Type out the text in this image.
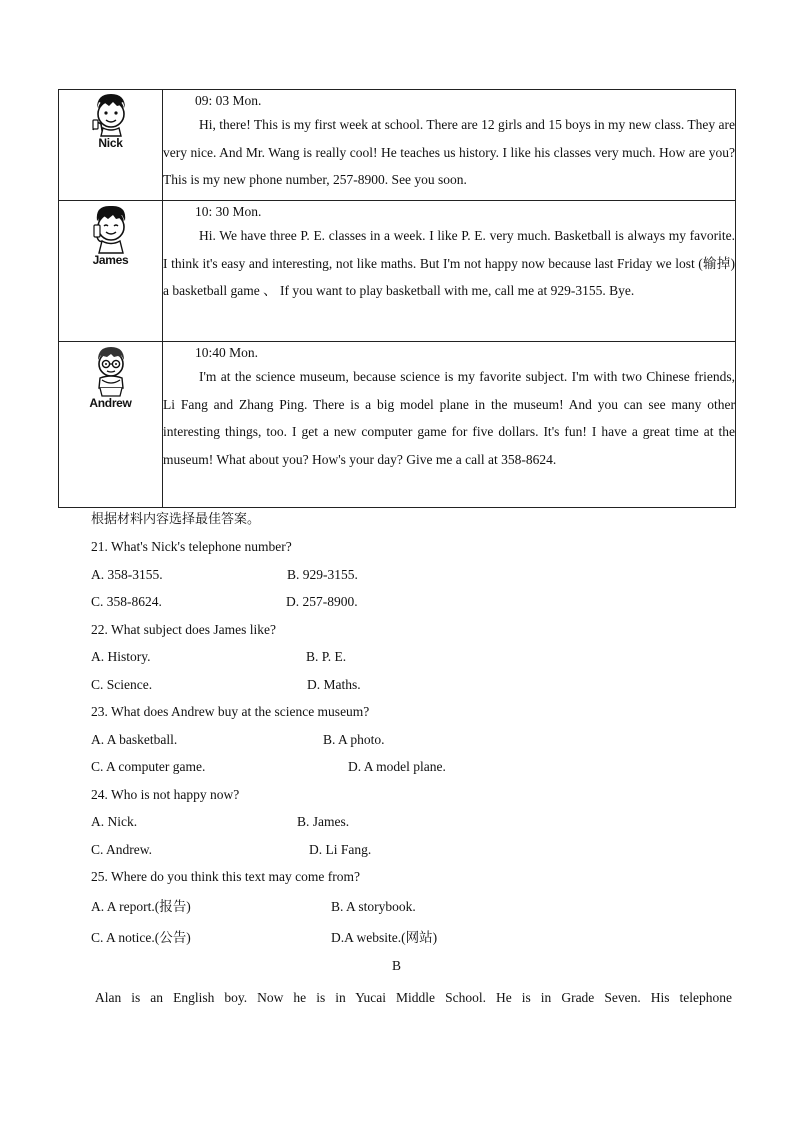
Nick	09: 03 Mon.

Hi, there! This is my first week at school. There are 12 girls and 15 boys in my new class. They are very nice. And Mr. Wang is really cool! He teaches us history. I like his classes very much. How are you? This is my new phone number, 257-8900. See you soon.

James	10: 30 Mon.

Hi. We have three P. E. classes in a week. I like P. E. very much. Basketball is always my favorite. I think it's easy and interesting, not like maths. But I'm not happy now because last Friday we lost (输掉) a basketball game 、 If you want to play basketball with me, call me at 929-3155. Bye.

Andrew	10:40 Mon.

I'm at the science museum, because science is my favorite subject. I'm with two Chinese friends, Li Fang and Zhang Ping. There is a big model plane in the museum! And you can see many other interesting things, too. I get a new computer game for five dollars. It's fun! I have a great time at the museum! What about you? How's your day? Give me a call at 358-8624.

根据材料内容选择最佳答案。
21. What's Nick's telephone number?
A. 358-3155.	B. 929-3155.
C. 358-8624.	D. 257-8900.
22. What subject does James like?
A. History.	B. P. E.
C. Science.	D. Maths.
23. What does Andrew buy at the science museum?
A. A basketball.	B. A photo.
C. A computer game.	D. A model plane.
24. Who is not happy now?
A. Nick.	B. James.
C. Andrew.	D. Li Fang.
25. Where do you think this text may come from?
A. A report.(报告)	B. A storybook.
C. A notice.(公告)	D.A website.(网站)
B
Alan is an English boy. Now he is in Yucai Middle School. He is in Grade Seven. His telephone
